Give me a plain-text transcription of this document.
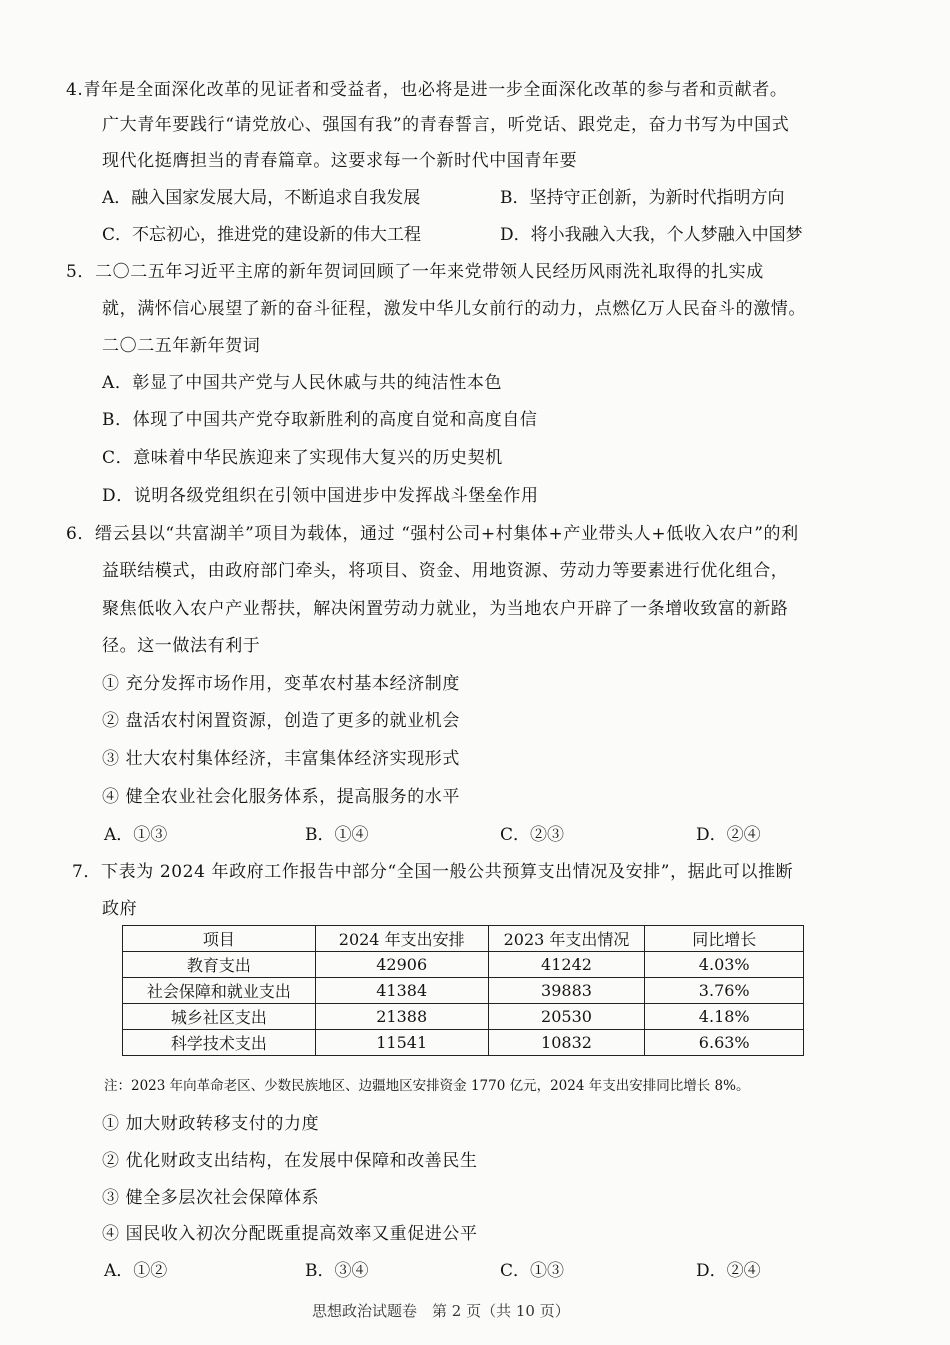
4.青年是全面深化改革的见证者和受益者，也必将是进一步全面深化改革的参与者和贡献者。
广大青年要践行“请党放心、强国有我”的青春誓言，听党话、跟党走，奋力书写为中国式
现代化挺膺担当的青春篇章。这要求每一个新时代中国青年要
A．融入国家发展大局，不断追求自我发展	B．坚持守正创新，为新时代指明方向
C．不忘初心，推进党的建设新的伟大工程	D．将小我融入大我，个人梦融入中国梦
5．二〇二五年习近平主席的新年贺词回顾了一年来党带领人民经历风雨洗礼取得的扎实成
就，满怀信心展望了新的奋斗征程，激发中华儿女前行的动力，点燃亿万人民奋斗的激情。
二〇二五年新年贺词
A．彰显了中国共产党与人民休戚与共的纯洁性本色
B．体现了中国共产党夺取新胜利的高度自觉和高度自信
C．意味着中华民族迎来了实现伟大复兴的历史契机
D．说明各级党组织在引领中国进步中发挥战斗堡垒作用
6．缙云县以“共富湖羊”项目为载体，通过 “强村公司+村集体+产业带头人+低收入农户”的利
益联结模式，由政府部门牵头，将项目、资金、用地资源、劳动力等要素进行优化组合，
聚焦低收入农户产业帮扶，解决闲置劳动力就业，为当地农户开辟了一条增收致富的新路
径。这一做法有利于
① 充分发挥市场作用，变革农村基本经济制度
② 盘活农村闲置资源，创造了更多的就业机会
③ 壮大农村集体经济，丰富集体经济实现形式
④ 健全农业社会化服务体系，提高服务的水平
A．①③	B．①④	C．②③	D．②④
7．下表为 2024 年政府工作报告中部分“全国一般公共预算支出情况及安排”，据此可以推断
政府
项目	2024 年支出安排	2023 年支出情况	同比增长
教育支出	42906	41242	4.03%
社会保障和就业支出	41384	39883	3.76%
城乡社区支出	21388	20530	4.18%
科学技术支出	11541	10832	6.63%
注：2023 年向革命老区、少数民族地区、边疆地区安排资金 1770 亿元，2024 年支出安排同比增长 8%。
① 加大财政转移支付的力度
② 优化财政支出结构，在发展中保障和改善民生
③ 健全多层次社会保障体系
④ 国民收入初次分配既重提高效率又重促进公平
A．①②	B．③④	C．①③	D．②④
思想政治试题卷　第 2 页（共 10 页）
